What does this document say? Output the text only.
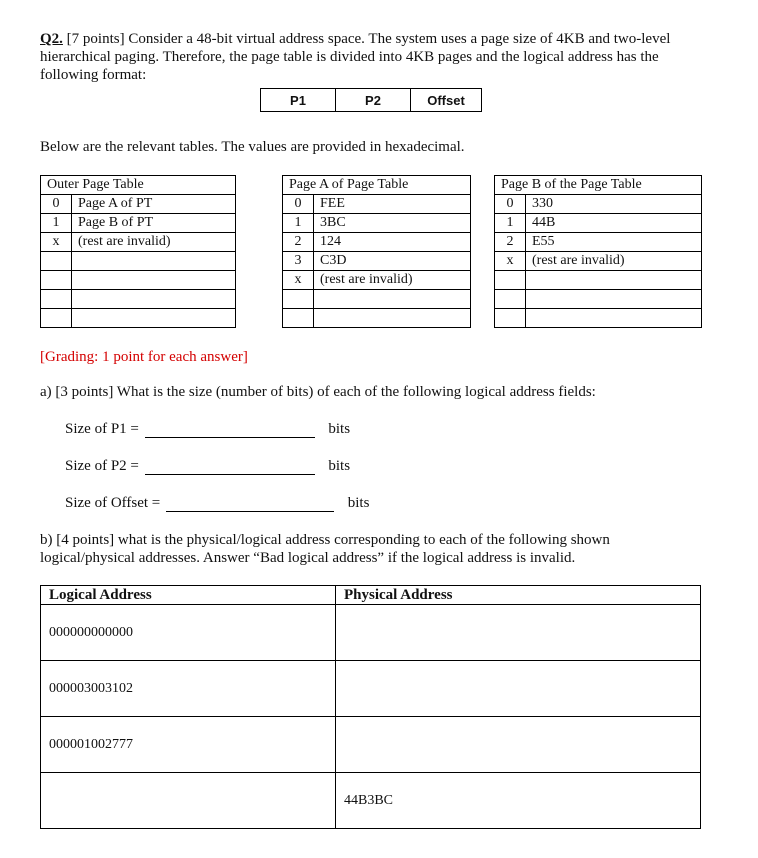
Q2. [7 points] Consider a 48-bit virtual address space. The system uses a page size of 4KB and two-level hierarchical paging. Therefore, the page table is divided into 4KB pages and the logical address has the following format:
P1	P2	Offset
Below are the relevant tables. The values are provided in hexadecimal.
Outer Page Table	
0	Page A of PT
1	Page B of PT
x	(rest are invalid)

Page A of Page Table	
0	FEE
1	3BC
2	124
3	C3D
x	(rest are invalid)

Page B of the Page Table	
0	330
1	44B
2	E55
x	(rest are invalid)

[Grading: 1 point for each answer]
a) [3 points] What is the size (number of bits) of each of the following logical address fields:
Size of P1 =	bits
Size of P2 =	bits
Size of Offset =	bits
b) [4 points] what is the physical/logical address corresponding to each of the following shown logical/physical addresses. Answer “Bad logical address” if the logical address is invalid.
Logical Address	Physical Address
000000000000	
000003003102	
000001002777	
	44B3BC
